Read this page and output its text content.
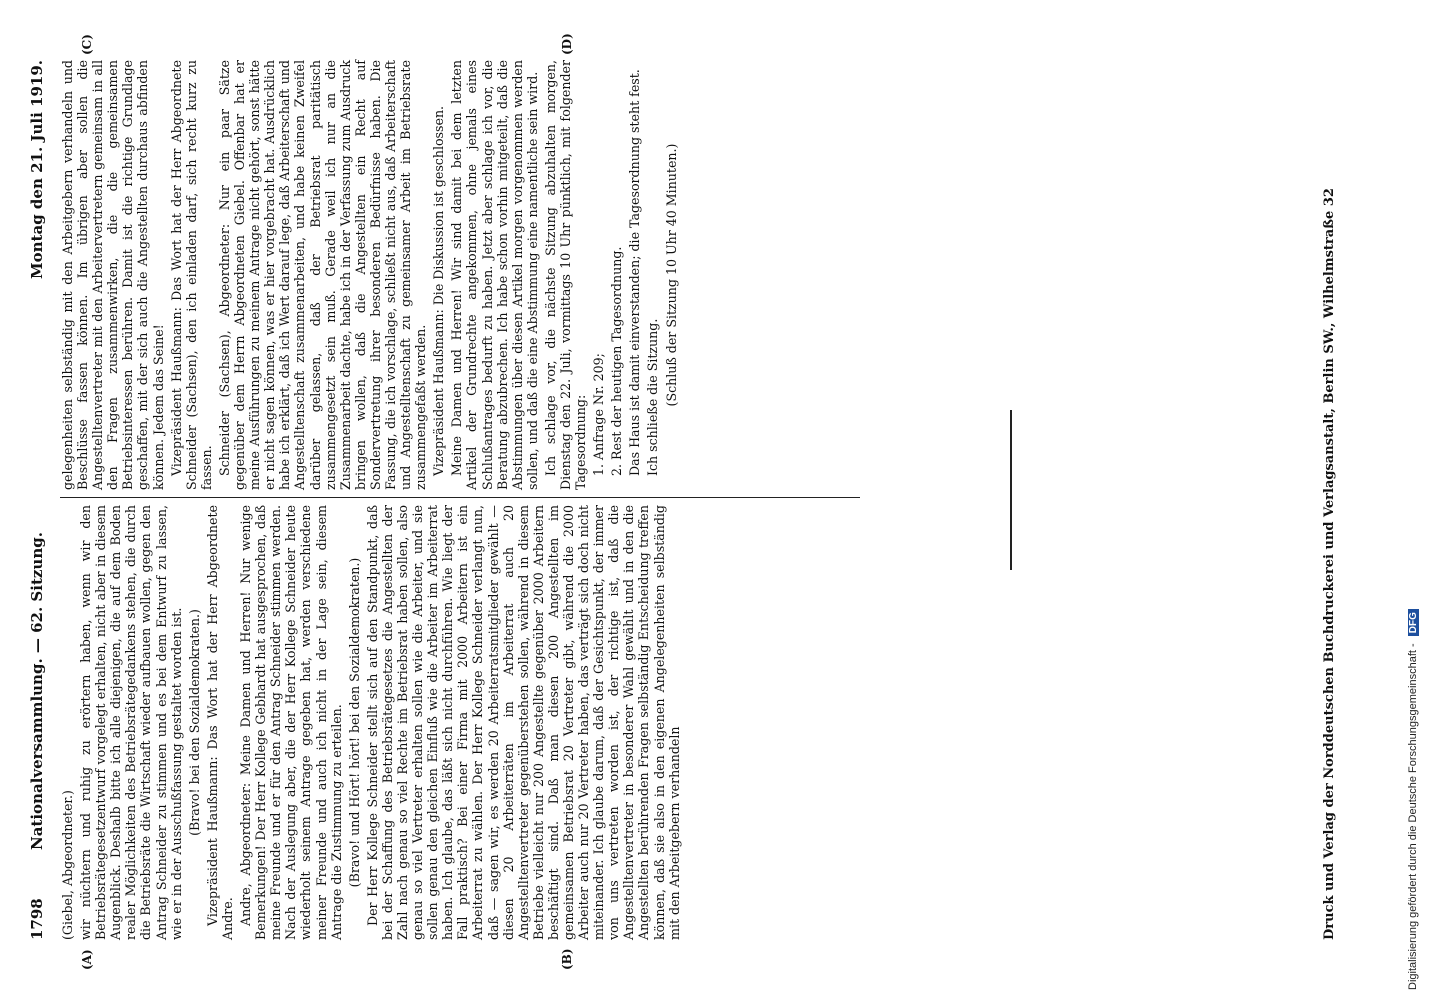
1798
Nationalversammlung. — 62. Sitzung.
Montag den 21. Juli 1919.
(A)	(B)
(C)	(D)

(Giebel, Abgeordneter.) wir nüchtern und ruhig zu erörtern haben, wenn wir den Betriebsrätegesetzentwurf vorgelegt erhalten, nicht aber in diesem Augenblick. Deshalb bitte ich alle diejenigen, die auf dem Boden realer Möglichkeiten des Betriebsrätegedankens stehen, die durch die Betriebsräte die Wirtschaft wieder aufbauen wollen, gegen den Antrag Schneider zu stimmen und es bei dem Entwurf zu lassen, wie er in der Ausschußfassung gestaltet worden ist. (Bravo! bei den Sozialdemokraten.) Vizepräsident Haußmann: Das Wort hat der Herr Abgeordnete Andre. Andre, Abgeordneter: Meine Damen und Herren! Nur wenige Bemerkungen! Der Herr Kollege Gebhardt hat ausgesprochen, daß meine Freunde und er für den Antrag Schneider stimmen werden. Nach der Auslegung aber, die der Herr Kollege Schneider heute wiederholt seinem Antrage gegeben hat, werden verschiedene meiner Freunde und auch ich nicht in der Lage sein, diesem Antrage die Zustimmung zu erteilen. (Bravo! und Hört! hört! bei den Sozialdemokraten.) Der Herr Kollege Schneider stellt sich auf den Standpunkt, daß bei der Schaffung des Betriebsrätegesetzes die Angestellten der Zahl nach genau so viel Rechte im Betriebsrat haben sollen, also genau so viel Vertreter erhalten sollen wie die Arbeiter, und sie sollen genau den gleichen Einfluß wie die Arbeiter im Arbeiterrat haben. Ich glaube, das läßt sich nicht durchführen. Wie liegt der Fall praktisch? Bei einer Firma mit 2000 Arbeitern ist ein Arbeiterrat zu wählen. Der Herr Kollege Schneider verlangt nun, daß — sagen wir, es werden 20 Arbeiterratsmitglieder gewählt — diesen 20 Arbeiterräten im Arbeiterrat auch 20 Angestelltenvertreter gegenüberstehen sollen, während in diesem Betriebe vielleicht nur 200 Angestellte gegenüber 2000 Arbeitern beschäftigt sind. Daß man diesen 200 Angestellten im gemeinsamen Betriebsrat 20 Vertreter gibt, während die 2000 Arbeiter auch nur 20 Vertreter haben, das verträgt sich doch nicht miteinander. Ich glaube darum, daß der Gesichtspunkt, der immer von uns vertreten worden ist, der richtige ist, daß die Angestelltenvertreter in besonderer Wahl gewählt und in den die Angestellten berührenden Fragen selbständig Entscheidung treffen können, daß sie also in den eigenen Angelegenheiten selbständig mit den Arbeitgebern verhandeln

gelegenheiten selbständig mit den Arbeitgebern verhandeln und Beschlüsse fassen können. Im übrigen aber sollen die Angestelltenvertreter mit den Arbeitervertretern gemeinsam in all den Fragen zusammenwirken, die die gemeinsamen Betriebsinteressen berühren. Damit ist die richtige Grundlage geschaffen, mit der sich auch die Angestellten durchaus abfinden können. Jedem das Seine! Vizepräsident Haußmann: Das Wort hat der Herr Abgeordnete Schneider (Sachsen), den ich einladen darf, sich recht kurz zu fassen. Schneider (Sachsen), Abgeordneter: Nur ein paar Sätze gegenüber dem Herrn Abgeordneten Giebel. Offenbar hat er meine Ausführungen zu meinem Antrage nicht gehört, sonst hätte er nicht sagen können, was er hier vorgebracht hat. Ausdrücklich habe ich erklärt, daß ich Wert darauf lege, daß Arbeiterschaft und Angestelltenschaft zusammenarbeiten, und habe keinen Zweifel darüber gelassen, daß der Betriebsrat paritätisch zusammengesetzt sein muß. Gerade weil ich nur an die Zusammenarbeit dachte, habe ich in der Verfassung zum Ausdruck bringen wollen, daß die Angestellten ein Recht auf Sondervertretung ihrer besonderen Bedürfnisse haben. Die Fassung, die ich vorschlage, schließt nicht aus, daß Arbeiterschaft und Angestelltenschaft zu gemeinsamer Arbeit im Betriebsrate zusammengefaßt werden. Vizepräsident Haußmann: Die Diskussion ist geschlossen. Meine Damen und Herren! Wir sind damit bei dem letzten Artikel der Grundrechte angekommen, ohne jemals eines Schlußantrages bedurft zu haben. Jetzt aber schlage ich vor, die Beratung abzubrechen. Ich habe schon vorhin mitgeteilt, daß die Abstimmungen über diesen Artikel morgen vorgenommen werden sollen, und daß die eine Abstimmung eine namentliche sein wird. Ich schlage vor, die nächste Sitzung abzuhalten morgen, Dienstag den 22. Juli, vormittags 10 Uhr pünktlich, mit folgender Tagesordnung: 1. Anfrage Nr. 209; 2. Rest der heutigen Tagesordnung. Das Haus ist damit einverstanden; die Tagesordnung steht fest. Ich schließe die Sitzung. (Schluß der Sitzung 10 Uhr 40 Minuten.)	Druck und Verlag der Norddeutschen Buchdruckerei und Verlagsanstalt, Berlin SW., Wilhelmstraße 32	Digitalisierung gefördert durch die Deutsche Forschungsgemeinschaft - DFG
